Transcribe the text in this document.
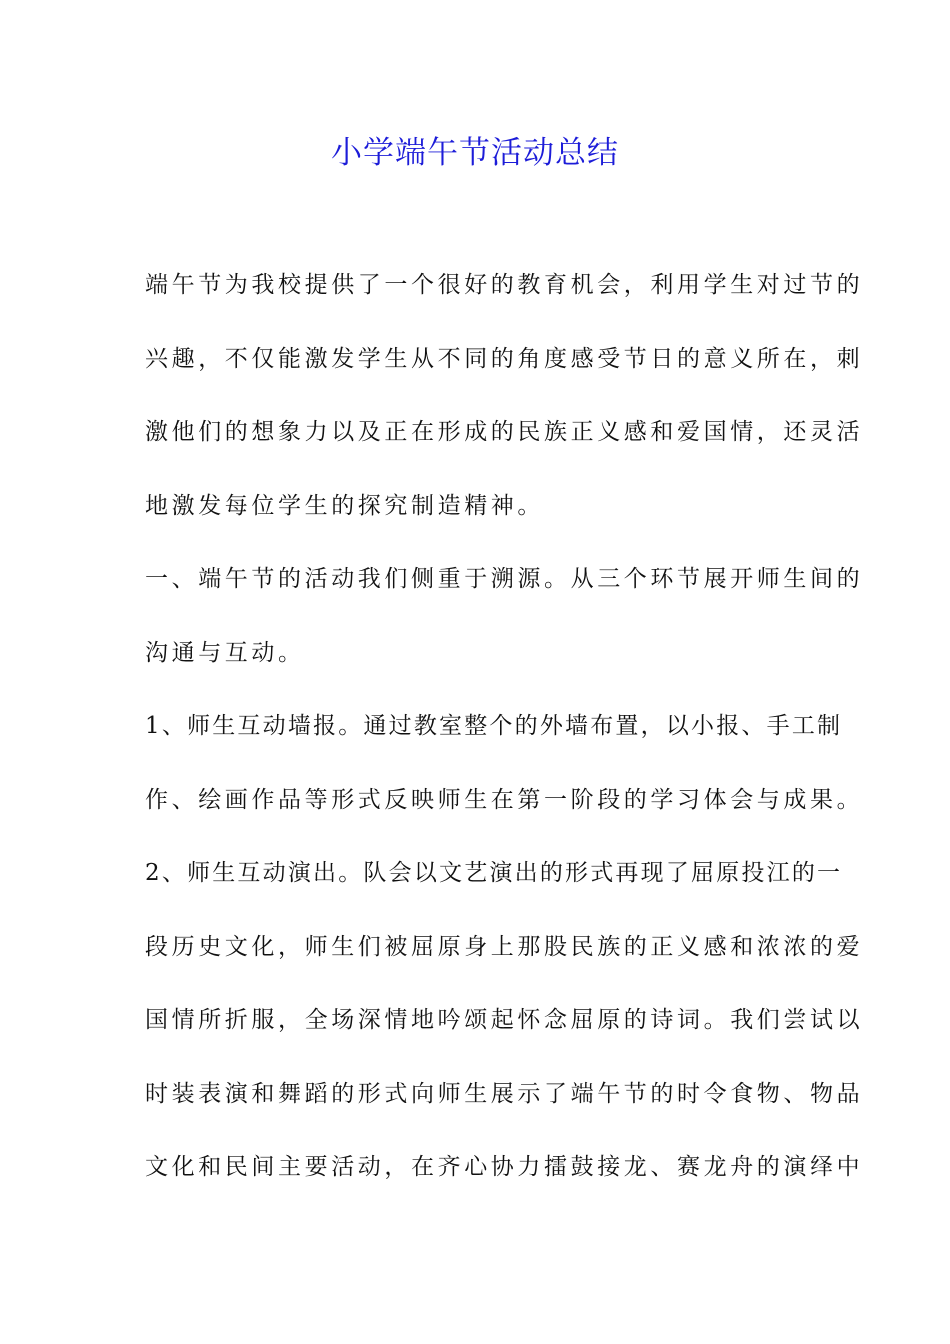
小学端午节活动总结
端午节为我校提供了一个很好的教育机会，利用学生对过节的
兴趣，不仅能激发学生从不同的角度感受节日的意义所在，刺
激他们的想象力以及正在形成的民族正义感和爱国情，还灵活
地激发每位学生的探究制造精神。
一、端午节的活动我们侧重于溯源。从三个环节展开师生间的
沟通与互动。
1、师生互动墙报。通过教室整个的外墙布置，以小报、手工制
作、绘画作品等形式反映师生在第一阶段的学习体会与成果。
2、师生互动演出。队会以文艺演出的形式再现了屈原投江的一
段历史文化，师生们被屈原身上那股民族的正义感和浓浓的爱
国情所折服，全场深情地吟颂起怀念屈原的诗词。我们尝试以
时装表演和舞蹈的形式向师生展示了端午节的时令食物、物品
文化和民间主要活动，在齐心协力擂鼓接龙、赛龙舟的演绎中
